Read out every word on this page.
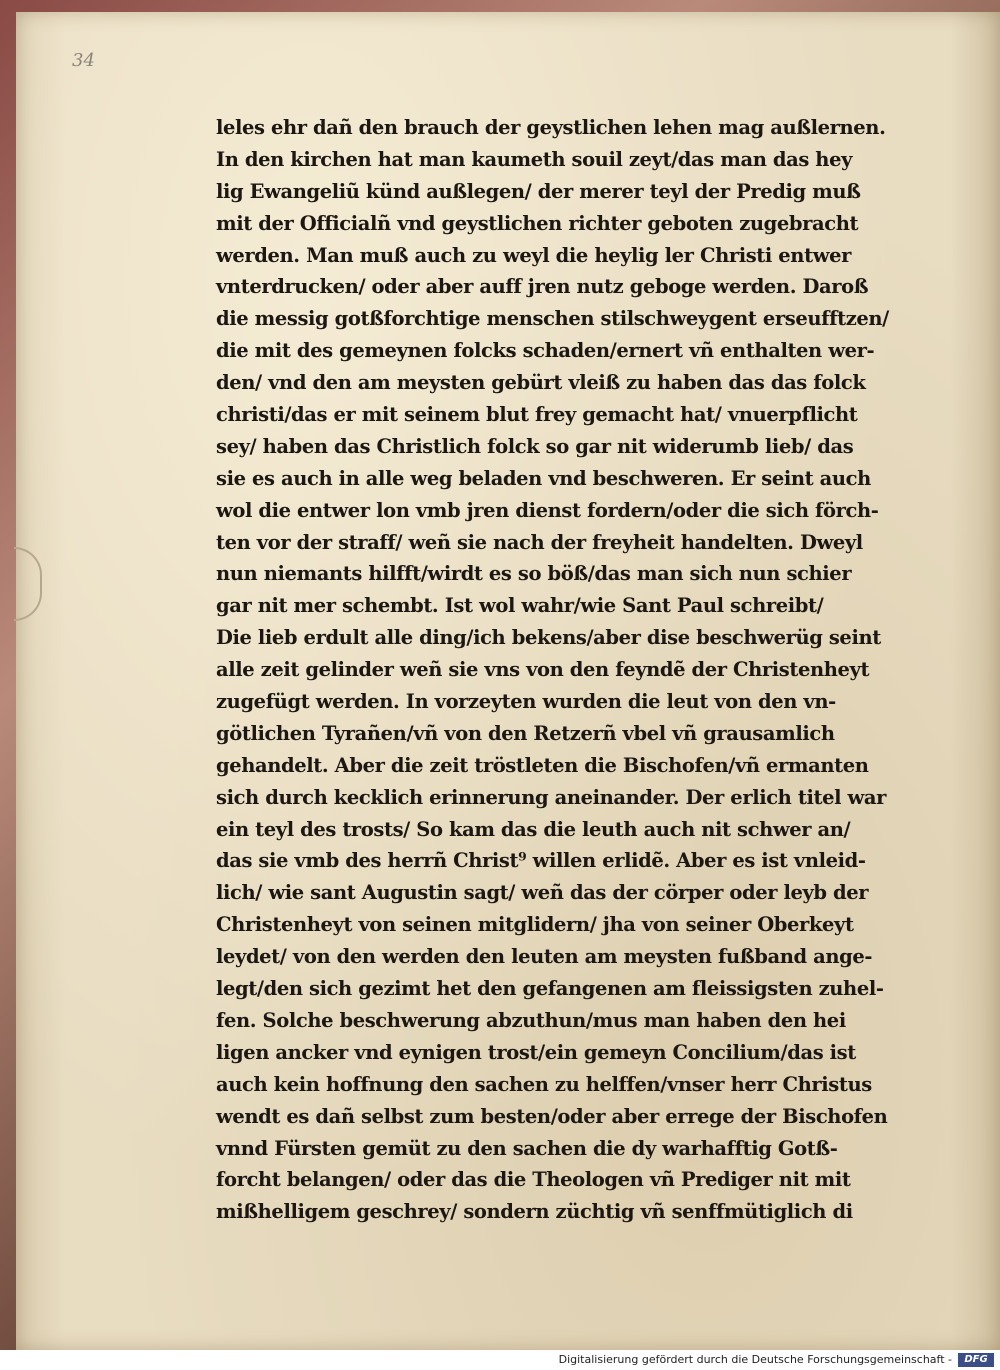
34
leles ehr dañ den brauch der geystlichen lehen mag außlernen.
In den kirchen hat man kaumeth souil zeyt/das man das hey
lig Ewangeliũ künd außlegen/ der merer teyl der Predig muß
mit der Officialñ vnd geystlichen richter geboten zugebracht
werden. Man muß auch zu weyl die heylig ler Christi entwer
vnterdrucken/ oder aber auff jren nutz geboge werden. Daroß
die messig gotßforchtige menschen stilschweygent erseufftzen/
die mit des gemeynen folcks schaden/ernert vñ enthalten wer-
den/ vnd den am meysten gebürt vleiß zu haben das das folck
christi/das er mit seinem blut frey gemacht hat/ vnuerpflicht
sey/ haben das Christlich folck so gar nit widerumb lieb/ das
sie es auch in alle weg beladen vnd beschweren. Er seint auch
wol die entwer lon vmb jren dienst fordern/oder die sich förch-
ten vor der straff/ weñ sie nach der freyheit handelten. Dweyl
nun niemants hilfft/wirdt es so böß/das man sich nun schier
gar nit mer schembt. Ist wol wahr/wie Sant Paul schreibt/
Die lieb erdult alle ding/ich bekens/aber dise beschwerüg seint
alle zeit gelinder weñ sie vns von den feyndẽ der Christenheyt
zugefügt werden. In vorzeyten wurden die leut von den vn-
götlichen Tyrañen/vñ von den Retzerñ vbel vñ grausamlich
gehandelt. Aber die zeit tröstleten die Bischofen/vñ ermanten
sich durch kecklich erinnerung aneinander. Der erlich titel war
ein teyl des trosts/ So kam das die leuth auch nit schwer an/
das sie vmb des herrñ Christ⁹ willen erlidẽ. Aber es ist vnleid-
lich/ wie sant Augustin sagt/ weñ das der cörper oder leyb der
Christenheyt von seinen mitglidern/ jha von seiner Oberkeyt
leydet/ von den werden den leuten am meysten fußband ange-
legt/den sich gezimt het den gefangenen am fleissigsten zuhel-
fen. Solche beschwerung abzuthun/mus man haben den hei
ligen ancker vnd eynigen trost/ein gemeyn Concilium/das ist
auch kein hoffnung den sachen zu helffen/vnser herr Christus
wendt es dañ selbst zum besten/oder aber errege der Bischofen
vnnd Fürsten gemüt zu den sachen die dy warhafftig Gotß-
forcht belangen/ oder das die Theologen vñ Prediger nit mit
mißhelligem geschrey/ sondern züchtig vñ senffmütiglich di
Digitalisierung gefördert durch die Deutsche Forschungsgemeinschaft -	DFG
